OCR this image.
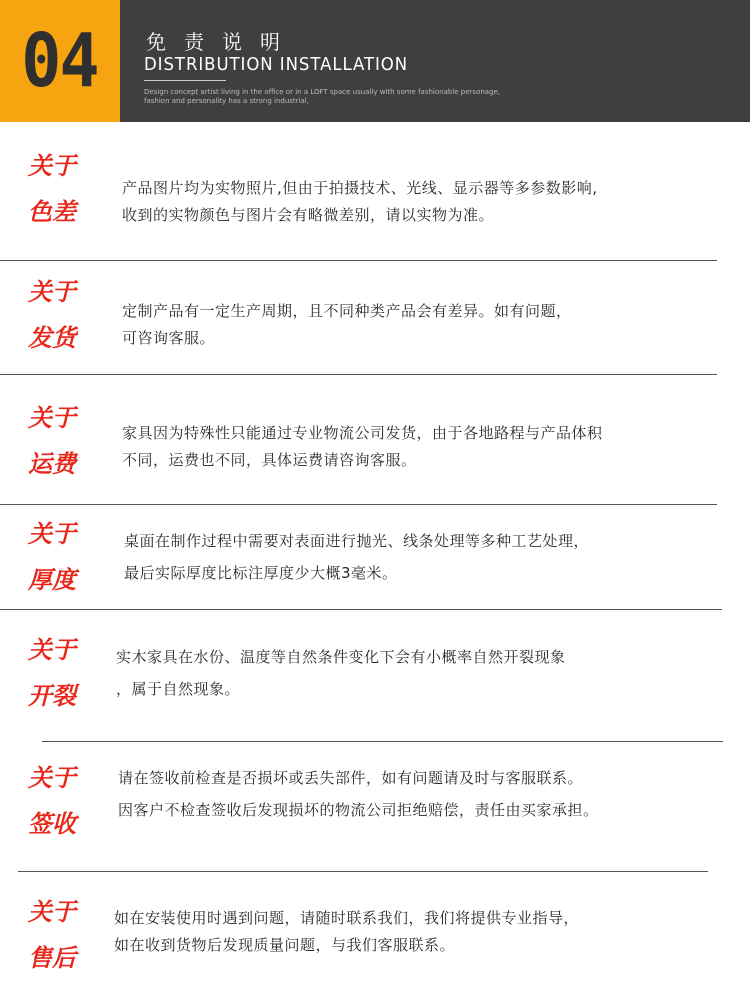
04 免责说明
DISTRIBUTION INSTALLATION
Design concept artist living in the office or in a LOFT space usually with some fashionable personage,
fashion and personality has a strong industrial,
关于
色差
产品图片均为实物照片,但由于拍摄技术、光线、显示器等多参数影响,
收到的实物颜色与图片会有略微差别，请以实物为准。
关于
发货
定制产品有一定生产周期，且不同种类产品会有差异。如有问题，
可咨询客服。
关于
运费
家具因为特殊性只能通过专业物流公司发货，由于各地路程与产品体积
不同，运费也不同，具体运费请咨询客服。
关于
厚度
桌面在制作过程中需要对表面进行抛光、线条处理等多种工艺处理，
最后实际厚度比标注厚度少大概3毫米。
关于
开裂
实木家具在水份、温度等自然条件变化下会有小概率自然开裂现象
，属于自然现象。
关于
签收
请在签收前检查是否损坏或丢失部件，如有问题请及时与客服联系。
因客户不检查签收后发现损坏的物流公司拒绝赔偿，责任由买家承担。
关于
售后
如在安装使用时遇到问题，请随时联系我们，我们将提供专业指导，
如在收到货物后发现质量问题，与我们客服联系。
